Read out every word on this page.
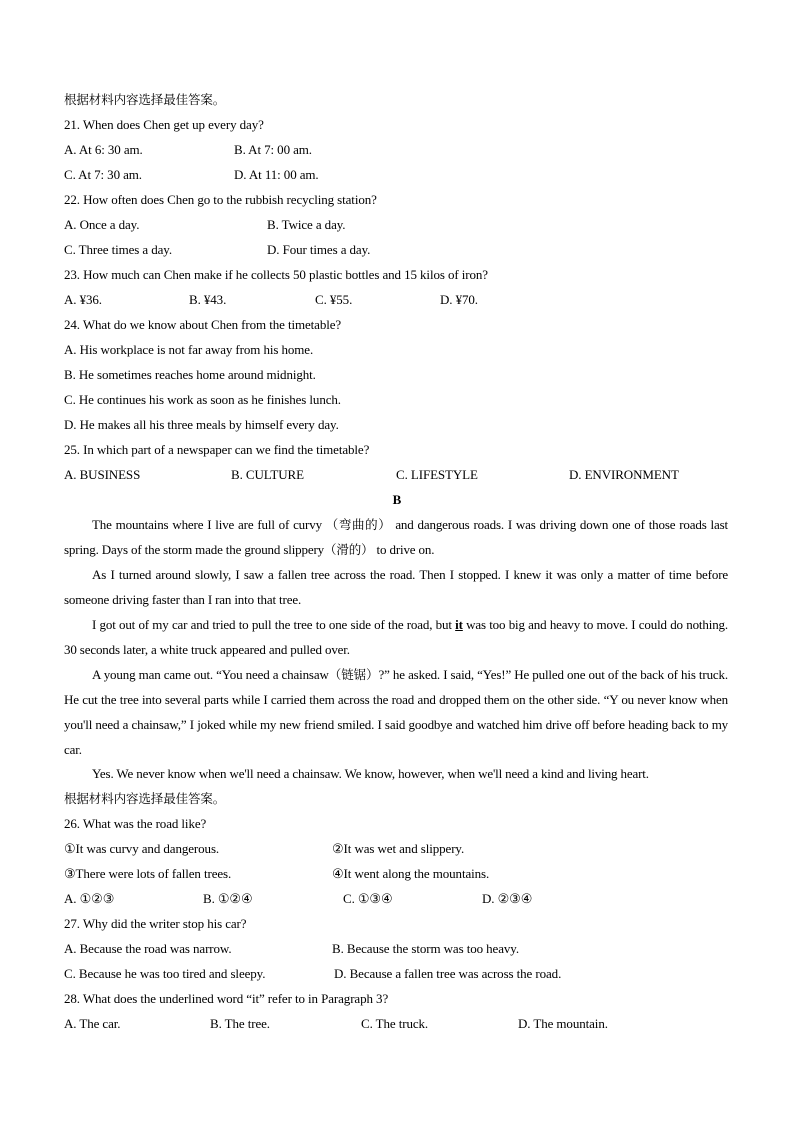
根据材料内容选择最佳答案。
21. When does Chen get up every day?
A. At 6: 30 am.	B. At 7: 00 am.
C. At 7: 30 am.	D. At 11: 00 am.
22. How often does Chen go to the rubbish recycling station?
A. Once a day.	B. Twice a day.
C. Three times a day.	D. Four times a day.
23. How much can Chen make if he collects 50 plastic bottles and 15 kilos of iron?
A. ¥36.	B. ¥43.	C. ¥55.	D. ¥70.
24. What do we know about Chen from the timetable?
A. His workplace is not far away from his home.
B. He sometimes reaches home around midnight.
C. He continues his work as soon as he finishes lunch.
D. He makes all his three meals by himself every day.
25. In which part of a newspaper can we find the timetable?
A. BUSINESS	B. CULTURE	C. LIFESTYLE	D. ENVIRONMENT
B
The mountains where I live are full of curvy （弯曲的） and dangerous roads. I was driving down one of those roads last spring. Days of the storm made the ground slippery（滑的） to drive on.
As I turned around slowly, I saw a fallen tree across the road. Then I stopped. I knew it was only a matter of time before someone driving faster than I ran into that tree.
I got out of my car and tried to pull the tree to one side of the road, but it was too big and heavy to move. I could do nothing. 30 seconds later, a white truck appeared and pulled over.
A young man came out. “You need a chainsaw（链锯）?” he asked. I said, “Yes!” He pulled one out of the back of his truck. He cut the tree into several parts while I carried them across the road and dropped them on the other side. “Y ou never know when you'll need a chainsaw,” I joked while my new friend smiled. I said goodbye and watched him drive off before heading back to my car.
Yes. We never know when we'll need a chainsaw. We know, however, when we'll need a kind and living heart.
根据材料内容选择最佳答案。
26. What was the road like?
①It was curvy and dangerous.	②It was wet and slippery.
③There were lots of fallen trees.	④It went along the mountains.
A. ①②③	B. ①②④	C. ①③④	D. ②③④
27. Why did the writer stop his car?
A. Because the road was narrow.	B. Because the storm was too heavy.
C. Because he was too tired and sleepy.	D. Because a fallen tree was across the road.
28. What does the underlined word “it” refer to in Paragraph 3?
A. The car.	B. The tree.	C. The truck.	D. The mountain.
